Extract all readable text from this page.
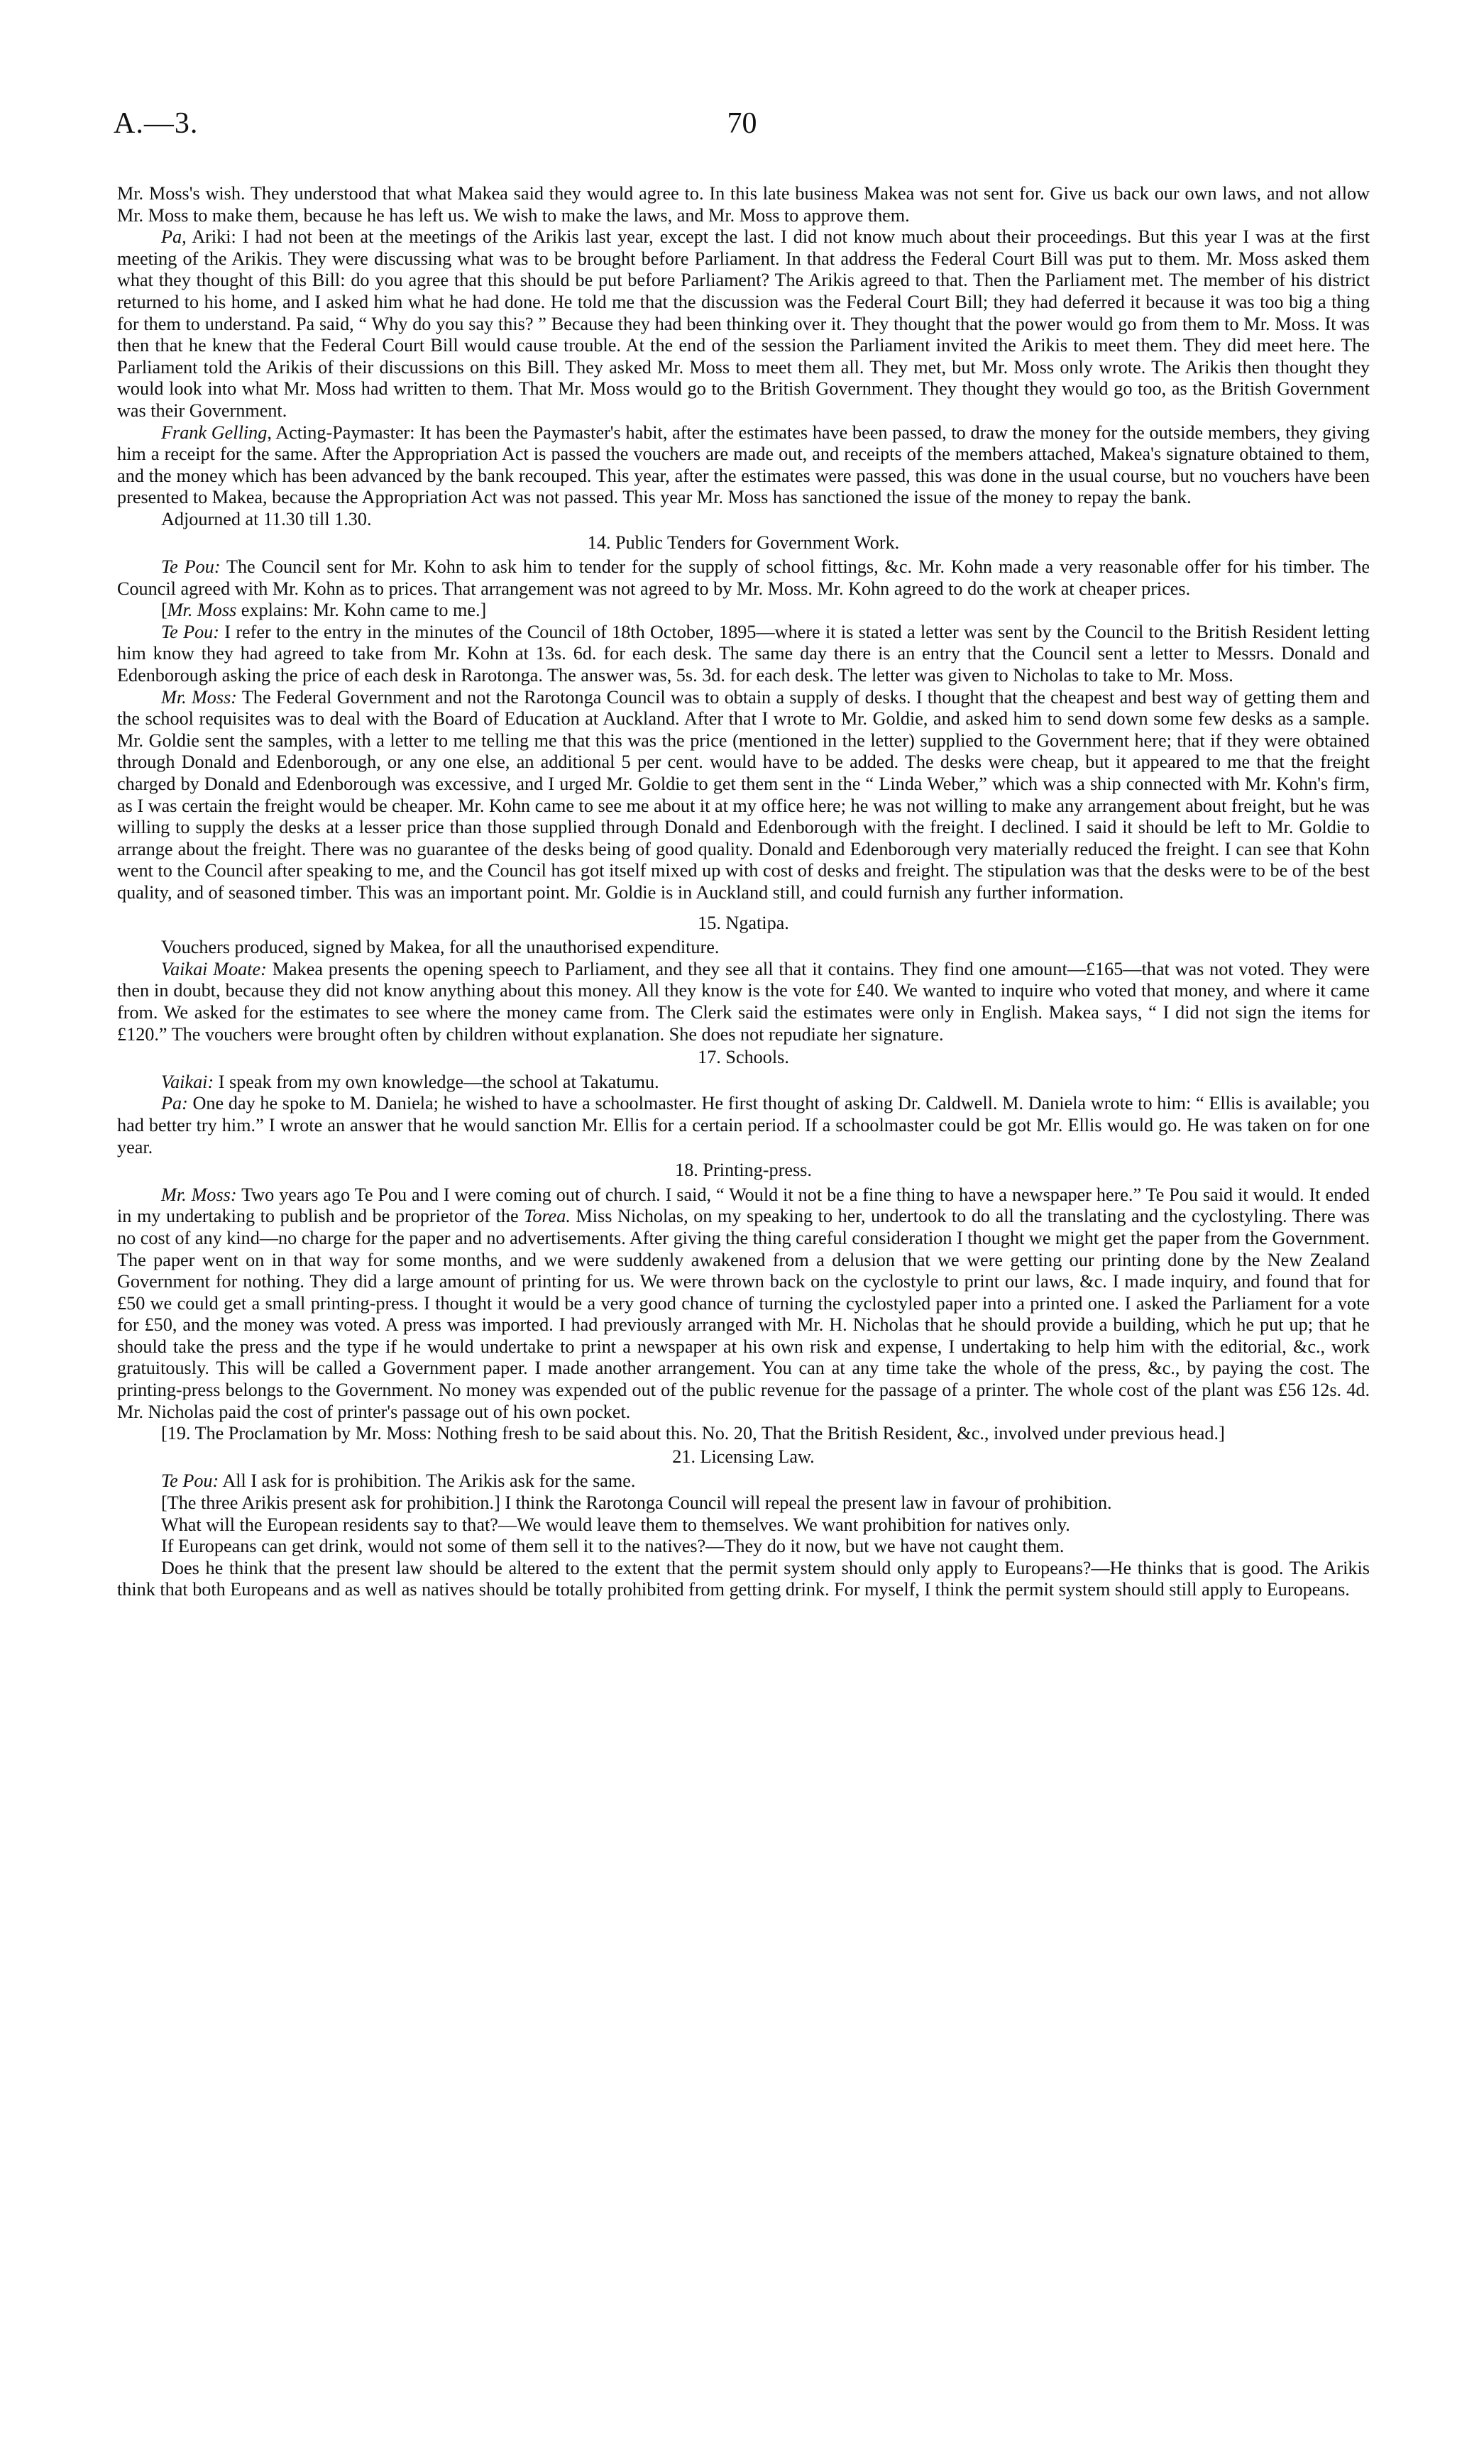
A.—3.	70

Mr. Moss's wish. They understood that what Makea said they would agree to. In this late business Makea was not sent for. Give us back our own laws, and not allow Mr. Moss to make them, because he has left us. We wish to make the laws, and Mr. Moss to approve them.

Pa, Ariki: I had not been at the meetings of the Arikis last year, except the last. I did not know much about their proceedings. But this year I was at the first meeting of the Arikis. They were discussing what was to be brought before Parliament. In that address the Federal Court Bill was put to them. Mr. Moss asked them what they thought of this Bill: do you agree that this should be put before Parliament? The Arikis agreed to that. Then the Parliament met. The member of his district returned to his home, and I asked him what he had done. He told me that the discussion was the Federal Court Bill; they had deferred it because it was too big a thing for them to understand. Pa said, “ Why do you say this? ” Because they had been thinking over it. They thought that the power would go from them to Mr. Moss. It was then that he knew that the Federal Court Bill would cause trouble. At the end of the session the Parliament invited the Arikis to meet them. They did meet here. The Parliament told the Arikis of their discussions on this Bill. They asked Mr. Moss to meet them all. They met, but Mr. Moss only wrote. The Arikis then thought they would look into what Mr. Moss had written to them. That Mr. Moss would go to the British Government. They thought they would go too, as the British Government was their Government.

Frank Gelling, Acting-Paymaster: It has been the Paymaster's habit, after the estimates have been passed, to draw the money for the outside members, they giving him a receipt for the same. After the Appropriation Act is passed the vouchers are made out, and receipts of the members attached, Makea's signature obtained to them, and the money which has been advanced by the bank recouped. This year, after the estimates were passed, this was done in the usual course, but no vouchers have been presented to Makea, because the Appropriation Act was not passed. This year Mr. Moss has sanctioned the issue of the money to repay the bank.

Adjourned at 11.30 till 1.30.

14. Public Tenders for Government Work.

Te Pou: The Council sent for Mr. Kohn to ask him to tender for the supply of school fittings, &c. Mr. Kohn made a very reasonable offer for his timber. The Council agreed with Mr. Kohn as to prices. That arrangement was not agreed to by Mr. Moss. Mr. Kohn agreed to do the work at cheaper prices.

[Mr. Moss explains: Mr. Kohn came to me.]

Te Pou: I refer to the entry in the minutes of the Council of 18th October, 1895—where it is stated a letter was sent by the Council to the British Resident letting him know they had agreed to take from Mr. Kohn at 13s. 6d. for each desk. The same day there is an entry that the Council sent a letter to Messrs. Donald and Edenborough asking the price of each desk in Rarotonga. The answer was, 5s. 3d. for each desk. The letter was given to Nicholas to take to Mr. Moss.

Mr. Moss: The Federal Government and not the Rarotonga Council was to obtain a supply of desks. I thought that the cheapest and best way of getting them and the school requisites was to deal with the Board of Education at Auckland. After that I wrote to Mr. Goldie, and asked him to send down some few desks as a sample. Mr. Goldie sent the samples, with a letter to me telling me that this was the price (mentioned in the letter) supplied to the Government here; that if they were obtained through Donald and Edenborough, or any one else, an additional 5 per cent. would have to be added. The desks were cheap, but it appeared to me that the freight charged by Donald and Edenborough was excessive, and I urged Mr. Goldie to get them sent in the “ Linda Weber,” which was a ship connected with Mr. Kohn's firm, as I was certain the freight would be cheaper. Mr. Kohn came to see me about it at my office here; he was not willing to make any arrangement about freight, but he was willing to supply the desks at a lesser price than those supplied through Donald and Edenborough with the freight. I declined. I said it should be left to Mr. Goldie to arrange about the freight. There was no guarantee of the desks being of good quality. Donald and Edenborough very materially reduced the freight. I can see that Kohn went to the Council after speaking to me, and the Council has got itself mixed up with cost of desks and freight. The stipulation was that the desks were to be of the best quality, and of seasoned timber. This was an important point. Mr. Goldie is in Auckland still, and could furnish any further information.

15. Ngatipa.

Vouchers produced, signed by Makea, for all the unauthorised expenditure.

Vaikai Moate: Makea presents the opening speech to Parliament, and they see all that it contains. They find one amount—£165—that was not voted. They were then in doubt, because they did not know anything about this money. All they know is the vote for £40. We wanted to inquire who voted that money, and where it came from. We asked for the estimates to see where the money came from. The Clerk said the estimates were only in English. Makea says, “ I did not sign the items for £120.” The vouchers were brought often by children without explanation. She does not repudiate her signature.

17. Schools.

Vaikai: I speak from my own knowledge—the school at Takatumu.

Pa: One day he spoke to M. Daniela; he wished to have a schoolmaster. He first thought of asking Dr. Caldwell. M. Daniela wrote to him: “ Ellis is available; you had better try him.” I wrote an answer that he would sanction Mr. Ellis for a certain period. If a schoolmaster could be got Mr. Ellis would go. He was taken on for one year.

18. Printing-press.

Mr. Moss: Two years ago Te Pou and I were coming out of church. I said, “ Would it not be a fine thing to have a newspaper here.” Te Pou said it would. It ended in my undertaking to publish and be proprietor of the Torea. Miss Nicholas, on my speaking to her, undertook to do all the translating and the cyclostyling. There was no cost of any kind—no charge for the paper and no advertisements. After giving the thing careful consideration I thought we might get the paper from the Government. The paper went on in that way for some months, and we were suddenly awakened from a delusion that we were getting our printing done by the New Zealand Government for nothing. They did a large amount of printing for us. We were thrown back on the cyclostyle to print our laws, &c. I made inquiry, and found that for £50 we could get a small printing-press. I thought it would be a very good chance of turning the cyclostyled paper into a printed one. I asked the Parliament for a vote for £50, and the money was voted. A press was imported. I had previously arranged with Mr. H. Nicholas that he should provide a building, which he put up; that he should take the press and the type if he would undertake to print a newspaper at his own risk and expense, I undertaking to help him with the editorial, &c., work gratuitously. This will be called a Government paper. I made another arrangement. You can at any time take the whole of the press, &c., by paying the cost. The printing-press belongs to the Government. No money was expended out of the public revenue for the passage of a printer. The whole cost of the plant was £56 12s. 4d. Mr. Nicholas paid the cost of printer's passage out of his own pocket.

[19. The Proclamation by Mr. Moss: Nothing fresh to be said about this. No. 20, That the British Resident, &c., involved under previous head.]

21. Licensing Law.

Te Pou: All I ask for is prohibition. The Arikis ask for the same.

[The three Arikis present ask for prohibition.] I think the Rarotonga Council will repeal the present law in favour of prohibition.

What will the European residents say to that?—We would leave them to themselves. We want prohibition for natives only.

If Europeans can get drink, would not some of them sell it to the natives?—They do it now, but we have not caught them.

Does he think that the present law should be altered to the extent that the permit system should only apply to Europeans?—He thinks that is good. The Arikis think that both Europeans and as well as natives should be totally prohibited from getting drink. For myself, I think the permit system should still apply to Europeans.
